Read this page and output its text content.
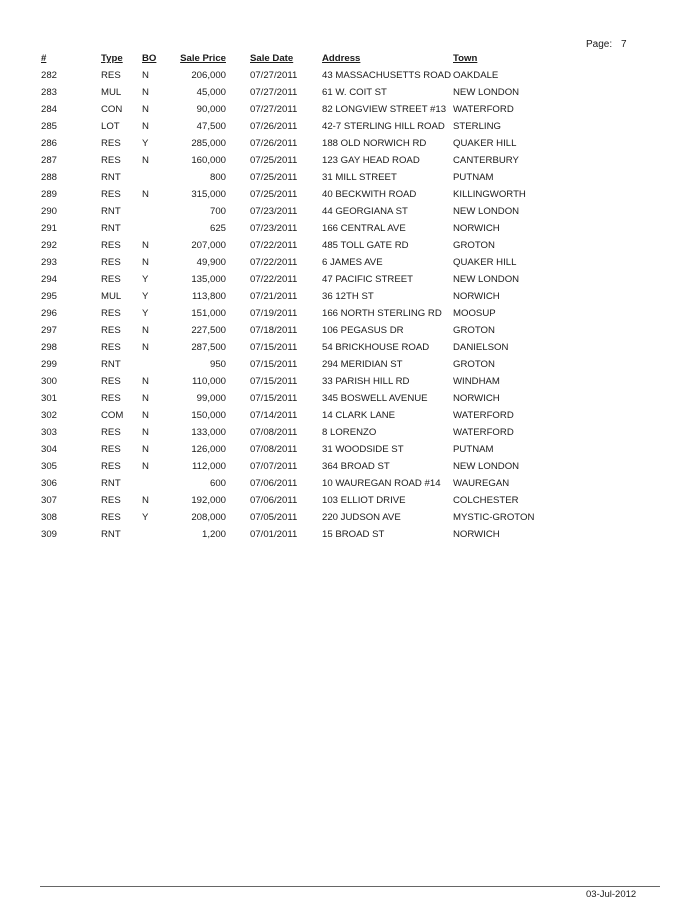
Page: 7
#	Type	BO	Sale Price		Sale Date	Address	Town
282	RES	N	206,000		07/27/2011	43 MASSACHUSETTS ROAD	OAKDALE
283	MUL	N	45,000		07/27/2011	61 W. COIT ST	NEW LONDON
284	CON	N	90,000		07/27/2011	82 LONGVIEW STREET #13	WATERFORD
285	LOT	N	47,500		07/26/2011	42-7 STERLING HILL ROAD	STERLING
286	RES	Y	285,000		07/26/2011	188 OLD NORWICH RD	QUAKER HILL
287	RES	N	160,000		07/25/2011	123 GAY HEAD ROAD	CANTERBURY
288	RNT		800		07/25/2011	31 MILL STREET	PUTNAM
289	RES	N	315,000		07/25/2011	40 BECKWITH ROAD	KILLINGWORTH
290	RNT		700		07/23/2011	44 GEORGIANA ST	NEW LONDON
291	RNT		625		07/23/2011	166 CENTRAL AVE	NORWICH
292	RES	N	207,000		07/22/2011	485 TOLL GATE RD	GROTON
293	RES	N	49,900		07/22/2011	6 JAMES AVE	QUAKER HILL
294	RES	Y	135,000		07/22/2011	47 PACIFIC STREET	NEW LONDON
295	MUL	Y	113,800		07/21/2011	36 12TH ST	NORWICH
296	RES	Y	151,000		07/19/2011	166 NORTH STERLING RD	MOOSUP
297	RES	N	227,500		07/18/2011	106 PEGASUS DR	GROTON
298	RES	N	287,500		07/15/2011	54 BRICKHOUSE ROAD	DANIELSON
299	RNT		950		07/15/2011	294 MERIDIAN ST	GROTON
300	RES	N	110,000		07/15/2011	33 PARISH HILL RD	WINDHAM
301	RES	N	99,000		07/15/2011	345 BOSWELL AVENUE	NORWICH
302	COM	N	150,000		07/14/2011	14 CLARK LANE	WATERFORD
303	RES	N	133,000		07/08/2011	8 LORENZO	WATERFORD
304	RES	N	126,000		07/08/2011	31 WOODSIDE ST	PUTNAM
305	RES	N	112,000		07/07/2011	364 BROAD ST	NEW LONDON
306	RNT		600		07/06/2011	10 WAUREGAN ROAD #14	WAUREGAN
307	RES	N	192,000		07/06/2011	103 ELLIOT DRIVE	COLCHESTER
308	RES	Y	208,000		07/05/2011	220 JUDSON AVE	MYSTIC-GROTON
309	RNT		1,200		07/01/2011	15 BROAD ST	NORWICH
03-Jul-2012
